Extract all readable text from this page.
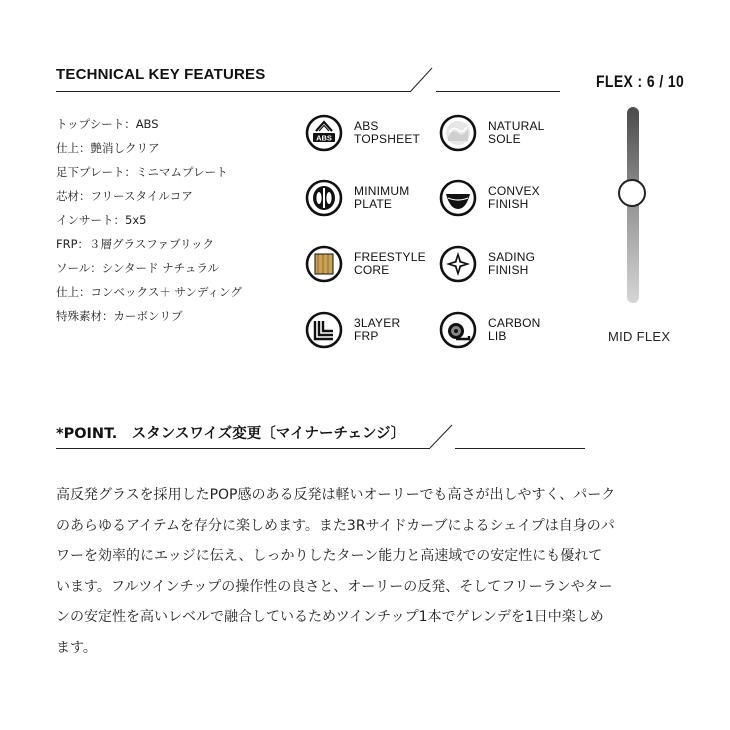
TECHNICAL KEY FEATURES
トップシート：ABS
仕上：艶消しクリア
足下プレート：ミニマムプレート
芯材：フリースタイルコア
インサート：5x5
FRP：３層グラスファブリック
ソール：シンタード ナチュラル
仕上：コンベックス＋ サンディング
特殊素材：カーボンリブ
ABS
ABS
TOPSHEET
NATURAL
SOLE
MINIMUM
PLATE
CONVEX
FINISH
FREESTYLE
CORE
SADING
FINISH
3LAYER
FRP
CARBON
LIB
FLEX : 6 / 10
MID FLEX
*POINT.　スタンスワイズ変更〔マイナーチェンジ〕

高反発グラスを採用したPOP感のある反発は軽いオーリーでも高さが出しやすく、パークのあらゆるアイテムを存分に楽しめます。また3Rサイドカーブによるシェイプは自身のパワーを効率的にエッジに伝え、しっかりしたターン能力と高速域での安定性にも優れています。フルツインチップの操作性の良さと、オーリーの反発、そしてフリーランやターンの安定性を高いレベルで融合しているためツインチップ1本でゲレンデを1日中楽しめます。
